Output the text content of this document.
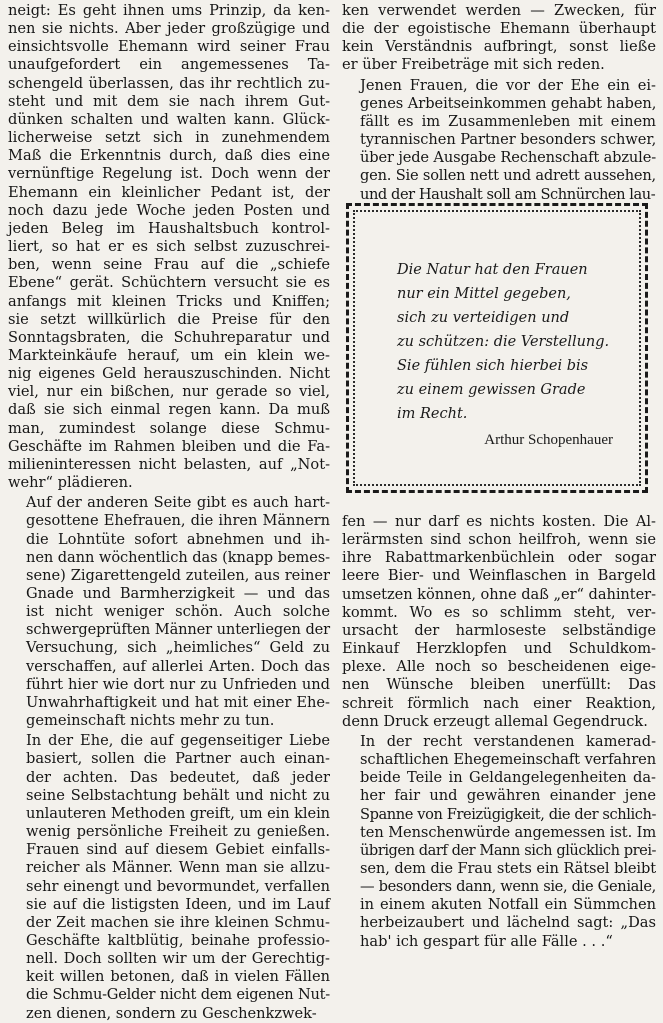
neigt: Es geht ihnen ums Prinzip, da ken-
nen sie nichts. Aber jeder großzügige und
einsichtsvolle Ehemann wird seiner Frau
unaufgefordert ein angemessenes Ta-
schengeld überlassen, das ihr rechtlich zu-
steht und mit dem sie nach ihrem Gut-
dünken schalten und walten kann. Glück-
licherweise setzt sich in zunehmendem
Maß die Erkenntnis durch, daß dies eine
vernünftige Regelung ist. Doch wenn der
Ehemann ein kleinlicher Pedant ist, der
noch dazu jede Woche jeden Posten und
jeden Beleg im Haushaltsbuch kontrol-
liert, so hat er es sich selbst zuzuschrei-
ben, wenn seine Frau auf die „schiefe
Ebene“ gerät. Schüchtern versucht sie es
anfangs mit kleinen Tricks und Kniffen;
sie setzt willkürlich die Preise für den
Sonntagsbraten, die Schuhreparatur und
Markteinkäufe herauf, um ein klein we-
nig eigenes Geld herauszuschinden. Nicht
viel, nur ein bißchen, nur gerade so viel,
daß sie sich einmal regen kann. Da muß
man, zumindest solange diese Schmu-
Geschäfte im Rahmen bleiben und die Fa-
milieninteressen nicht belasten, auf „Not-
wehr“ plädieren.

Auf der anderen Seite gibt es auch hart-
gesottene Ehefrauen, die ihren Männern
die Lohntüte sofort abnehmen und ih-
nen dann wöchentlich das (knapp bemes-
sene) Zigarettengeld zuteilen, aus reiner
Gnade und Barmherzigkeit — und das
ist nicht weniger schön. Auch solche
schwergeprüften Männer unterliegen der
Versuchung, sich „heimliches“ Geld zu
verschaffen, auf allerlei Arten. Doch das
führt hier wie dort nur zu Unfrieden und
Unwahrhaftigkeit und hat mit einer Ehe-
gemeinschaft nichts mehr zu tun.

In der Ehe, die auf gegenseitiger Liebe
basiert, sollen die Partner auch einan-
der achten. Das bedeutet, daß jeder
seine Selbstachtung behält und nicht zu
unlauteren Methoden greift, um ein klein
wenig persönliche Freiheit zu genießen.
Frauen sind auf diesem Gebiet einfalls-
reicher als Männer. Wenn man sie allzu-
sehr einengt und bevormundet, verfallen
sie auf die listigsten Ideen, und im Lauf
der Zeit machen sie ihre kleinen Schmu-
Geschäfte kaltblütig, beinahe professio-
nell. Doch sollten wir um der Gerechtig-
keit willen betonen, daß in vielen Fällen
die Schmu-Gelder nicht dem eigenen Nut-
zen dienen, sondern zu Geschenkzwek-

ken verwendet werden — Zwecken, für
die der egoistische Ehemann überhaupt
kein Verständnis aufbringt, sonst ließe
er über Freibeträge mit sich reden.

Jenen Frauen, die vor der Ehe ein ei-
genes Arbeitseinkommen gehabt haben,
fällt es im Zusammenleben mit einem
tyrannischen Partner besonders schwer,
über jede Ausgabe Rechenschaft abzule-
gen. Sie sollen nett und adrett aussehen,
und der Haushalt soll am Schnürchen lau-

Die Natur hat den Frauen
nur ein Mittel gegeben,
sich zu verteidigen und
zu schützen: die Verstellung.
Sie fühlen sich hierbei bis
zu einem gewissen Grade
im Recht.
Arthur Schopenhauer

fen — nur darf es nichts kosten. Die Al-
lerärmsten sind schon heilfroh, wenn sie
ihre Rabattmarkenbüchlein oder sogar
leere Bier- und Weinflaschen in Bargeld
umsetzen können, ohne daß „er“ dahinter-
kommt. Wo es so schlimm steht, ver-
ursacht der harmloseste selbständige
Einkauf Herzklopfen und Schuldkom-
plexe. Alle noch so bescheidenen eige-
nen Wünsche bleiben unerfüllt: Das
schreit förmlich nach einer Reaktion,
denn Druck erzeugt allemal Gegendruck.

In der recht verstandenen kamerad-
schaftlichen Ehegemeinschaft verfahren
beide Teile in Geldangelegenheiten da-
her fair und gewähren einander jene
Spanne von Freizügigkeit, die der schlich-
ten Menschenwürde angemessen ist. Im
übrigen darf der Mann sich glücklich prei-
sen, dem die Frau stets ein Rätsel bleibt
— besonders dann, wenn sie, die Geniale,
in einem akuten Notfall ein Sümmchen
herbeizaubert und lächelnd sagt: „Das
hab' ich gespart für alle Fälle . . .“
